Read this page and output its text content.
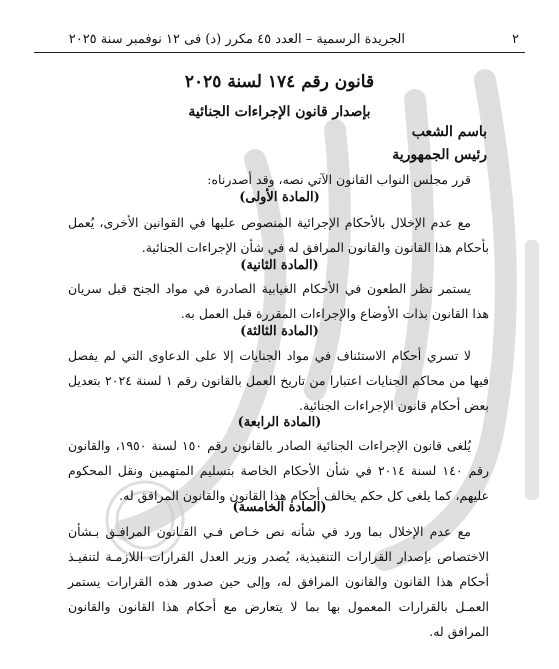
٢
الجريدة الرسمية – العدد ٤٥ مكرر (د) فى ١٢ نوفمبر سنة ٢٠٢٥
قانون رقم ١٧٤ لسنة ٢٠٢٥
بإصدار قانون الإجراءات الجنائية
باسم الشعب
رئيس الجمهورية
قرر مجلس النواب القانون الآتي نصه، وقد أصدرناه:
(المادة الأولى)
مع عدم الإخلال بالأحكام الإجرائية المنصوص عليها في القوانين الأخرى، يُعمل بأحكام هذا القانون والقانون المرافق له في شأن الإجراءات الجنائية.
(المادة الثانية)
يستمر نظر الطعون في الأحكام الغيابية الصادرة في مواد الجنح قبل سريان هذا القانون بذات الأوضاع والإجراءات المقررة قبل العمل به.
(المادة الثالثة)
لا تسري أحكام الاستئناف في مواد الجنايات إلا على الدعاوى التي لم يفصل فيها من محاكم الجنايات اعتبارا من تاريخ العمل بالقانون رقم ١ لسنة ٢٠٢٤ بتعديل بعض أحكام قانون الإجراءات الجنائية.
(المادة الرابعة)
يُلغى قانون الإجراءات الجنائية الصادر بالقانون رقم ١٥٠ لسنة ١٩٥٠، والقانون رقم ١٤٠ لسنة ٢٠١٤ في شأن الأحكام الخاصة بتسليم المتهمين ونقل المحكوم عليهم، كما يلغى كل حكم يخالف أحكام هذا القانون والقانون المرافق له.
(المادة الخامسة)
مع عدم الإخلال بما ورد في شأنه نص خـاص فـي القـانون المرافـق بـشأن الاختصاص بإصدار القرارات التنفيذية، يُصدر وزير العدل القرارات اللازمـة لتنفيـذ أحكام هذا القانون والقانون المرافق له، وإلى حين صدور هذه القرارات يستمر العمـل بالقرارات المعمول بها بما لا يتعارض مع أحكام هذا القانون والقانون المرافق له.
